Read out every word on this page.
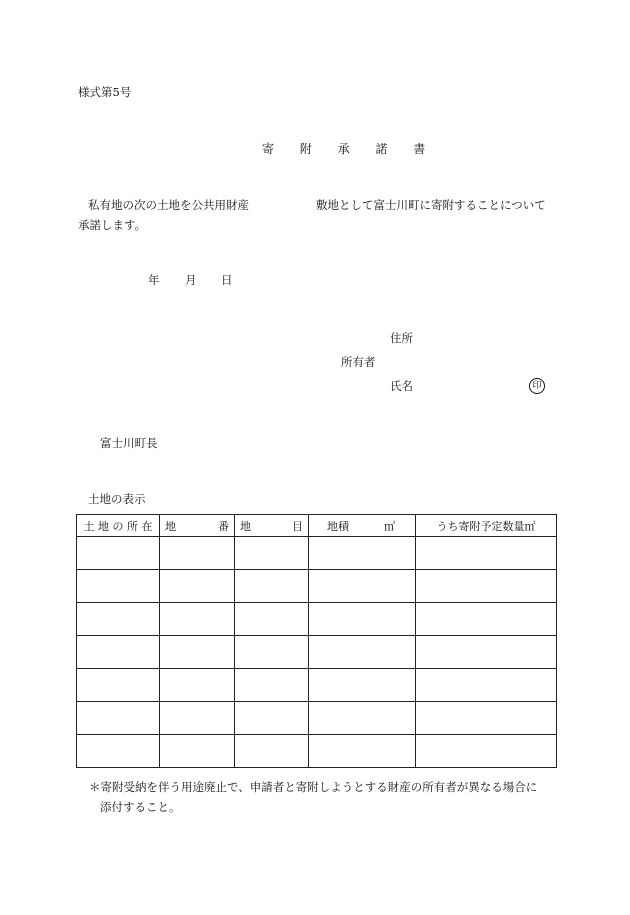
様式第5号
寄 附 承 諾 書
私有地の次の土地を公共用財産	敷地として富士川町に寄附することについて
承諾します。
年 月 日
住所
所有者
氏名	印
富士川町長
土地の表示
土 地 の 所 在	地 番	地 目	地積 ㎡	うち寄附予定数量㎡

＊寄附受納を伴う用途廃止で、申請者と寄附しようとする財産の所有者が異なる場合に
添付すること。
